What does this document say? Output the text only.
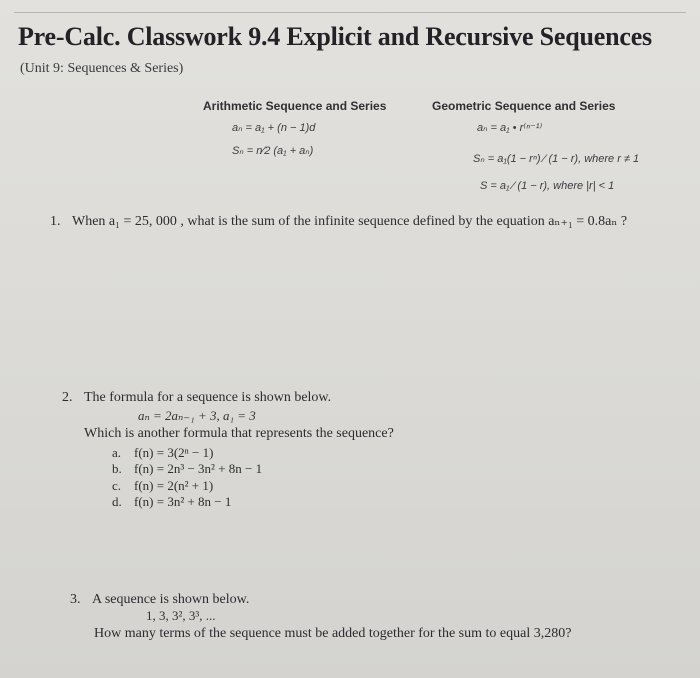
Pre-Calc. Classwork 9.4 Explicit and Recursive Sequences
(Unit 9: Sequences & Series)
Arithmetic Sequence and Series
aₙ = a₁ + (n − 1)d
Sₙ = n⁄2 (a₁ + aₙ)
Geometric Sequence and Series
aₙ = a₁ • r⁽ⁿ⁻¹⁾
Sₙ = a₁(1 − rⁿ) ⁄ (1 − r), where r ≠ 1
S = a₁ ⁄ (1 − r), where |r| < 1
1. When a₁ = 25, 000 , what is the sum of the infinite sequence defined by the equation aₙ₊₁ = 0.8aₙ ?
2. The formula for a sequence is shown below.
aₙ = 2aₙ₋₁ + 3, a₁ = 3
Which is another formula that represents the sequence?
a. f(n) = 3(2ⁿ − 1)
b. f(n) = 2n³ − 3n² + 8n − 1
c. f(n) = 2(n² + 1)
d. f(n) = 3n² + 8n − 1
3. A sequence is shown below.
1, 3, 3², 3³, ...
How many terms of the sequence must be added together for the sum to equal 3,280?
